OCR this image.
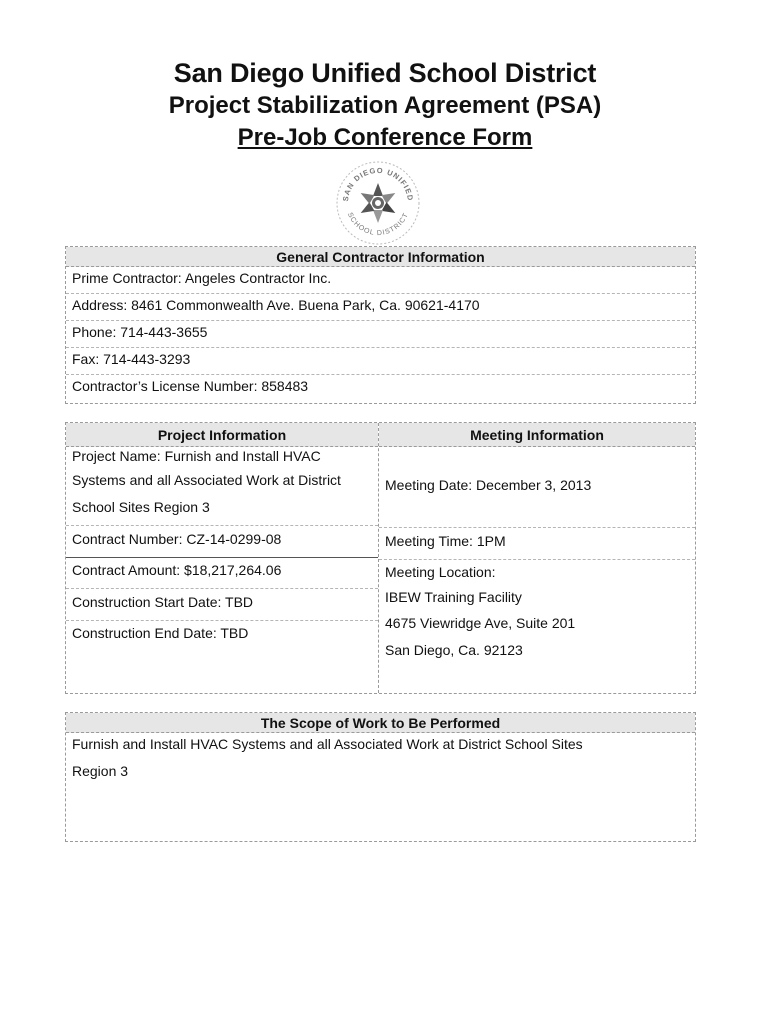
San Diego Unified School District
Project Stabilization Agreement (PSA)
Pre-Job Conference Form
SAN DIEGO UNIFIED
SCHOOL DISTRICT
General Contractor Information
Prime Contractor: Angeles Contractor Inc.
Address: 8461 Commonwealth Ave. Buena Park, Ca. 90621-4170
Phone: 714-443-3655
Fax: 714-443-3293
Contractor’s License Number: 858483
Project Information
Project Name: Furnish and Install HVAC
Systems and all Associated Work at District
School Sites Region 3
Contract Number: CZ-14-0299-08
Contract Amount: $18,217,264.06
Construction Start Date: TBD
Construction End Date: TBD
Meeting Information
Meeting Date: December 3, 2013
Meeting Time: 1PM
Meeting Location:
IBEW Training Facility
4675 Viewridge Ave, Suite 201
San Diego, Ca. 92123
The Scope of Work to Be Performed
Furnish and Install HVAC Systems and all Associated Work at District School Sites
Region 3
